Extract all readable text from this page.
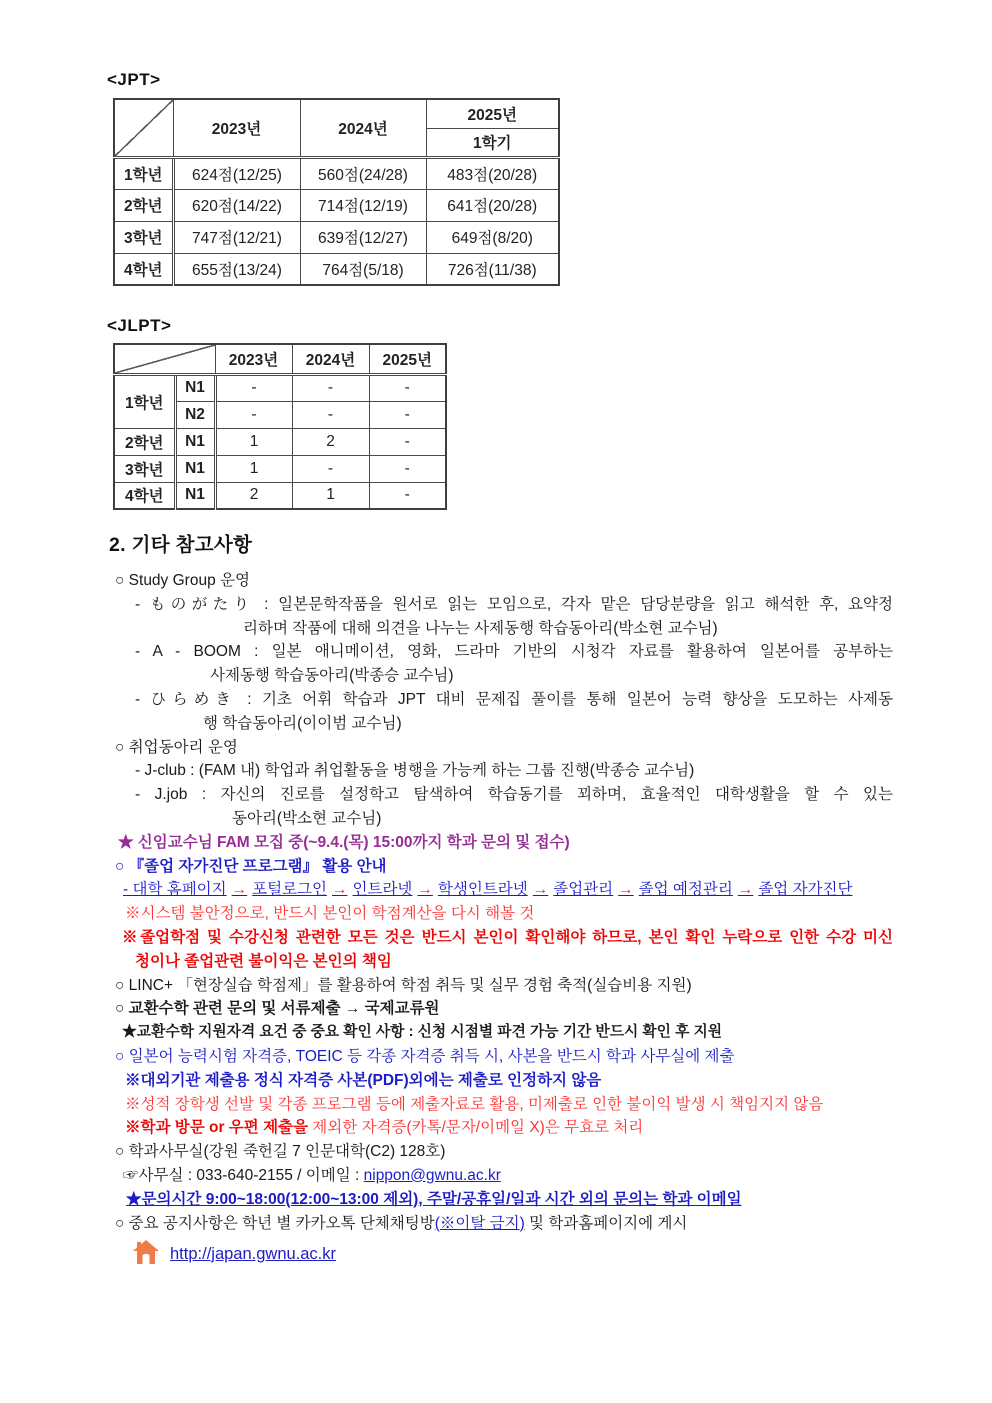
<JPT>
	2023년	2024년	2025년
			1학기
1학년	624점(12/25)	560점(24/28)	483점(20/28)
2학년	620점(14/22)	714점(12/19)	641점(20/28)
3학년	747점(12/21)	639점(12/27)	649점(8/20)
4학년	655점(13/24)	764점(5/18)	726점(11/38)
<JLPT>
		2023년	2024년	2025년
1학년	N1	-	-	-
	N2	-	-	-
2학년	N1	1	2	-
3학년	N1	1	-	-
4학년	N1	2	1	-
2. 기타 참고사항
○ Study Group 운영
- ものがたり : 일본문학작품을 원서로 읽는 모임으로, 각자 맡은 담당분량을 읽고 해석한 후, 요약정
리하며 작품에 대해 의견을 나누는 사제동행 학습동아리(박소현 교수님)
- A - BOOM : 일본 애니메이션, 영화, 드라마 기반의 시청각 자료를 활용하여 일본어를 공부하는
사제동행 학습동아리(박종승 교수님)
- ひらめき : 기초 어휘 학습과 JPT 대비 문제집 풀이를 통해 일본어 능력 향상을 도모하는 사제동
행 학습동아리(이이범 교수님)
○ 취업동아리 운영
- J-club : (FAM 내) 학업과 취업활동을 병행을 가능케 하는 그룹 진행(박종승 교수님)
- J.job : 자신의 진로를 설정학고 탐색하여 학습동기를 꾀하며, 효율적인 대학생활을 할 수 있는
동아리(박소현 교수님)
★ 신임교수님 FAM 모집 중(~9.4.(목) 15:00까지 학과 문의 및 접수)
○ 『졸업 자가진단 프로그램』 활용 안내
- 대학 홈페이지 → 포털로그인 → 인트라넷 → 학생인트라넷 → 졸업관리 → 졸업 예정관리 → 졸업 자가진단
※시스템 불안정으로, 반드시 본인이 학점계산을 다시 해볼 것
※졸업학점 및 수강신청 관련한 모든 것은 반드시 본인이 확인해야 하므로, 본인 확인 누락으로 인한 수강 미신
청이나 졸업관련 불이익은 본인의 책임
○ LINC+ 「현장실습 학점제」를 활용하여 학점 취득 및 실무 경험 축적(실습비용 지원)
○ 교환수학 관련 문의 및 서류제출 → 국제교류원
★교환수학 지원자격 요건 중 중요 확인 사항 : 신청 시점별 파견 가능 기간 반드시 확인 후 지원
○ 일본어 능력시험 자격증, TOEIC 등 각종 자격증 취득 시, 사본을 반드시 학과 사무실에 제출
※대외기관 제출용 정식 자격증 사본(PDF)외에는 제출로 인정하지 않음
※성적 장학생 선발 및 각종 프로그램 등에 제출자료로 활용, 미제출로 인한 불이익 발생 시 책임지지 않음
※학과 방문 or 우편 제출을 제외한 자격증(카톡/문자/이메일 X)은 무효로 처리
○ 학과사무실(강원 죽헌길 7 인문대학(C2) 128호)
☞사무실 : 033-640-2155 / 이메일 : nippon@gwnu.ac.kr
★문의시간 9:00~18:00(12:00~13:00 제외), 주말/공휴일/일과 시간 외의 문의는 학과 이메일
○ 중요 공지사항은 학년 별 카카오톡 단체채팅방(※이탈 금지) 및 학과홈페이지에 게시
http://japan.gwnu.ac.kr
